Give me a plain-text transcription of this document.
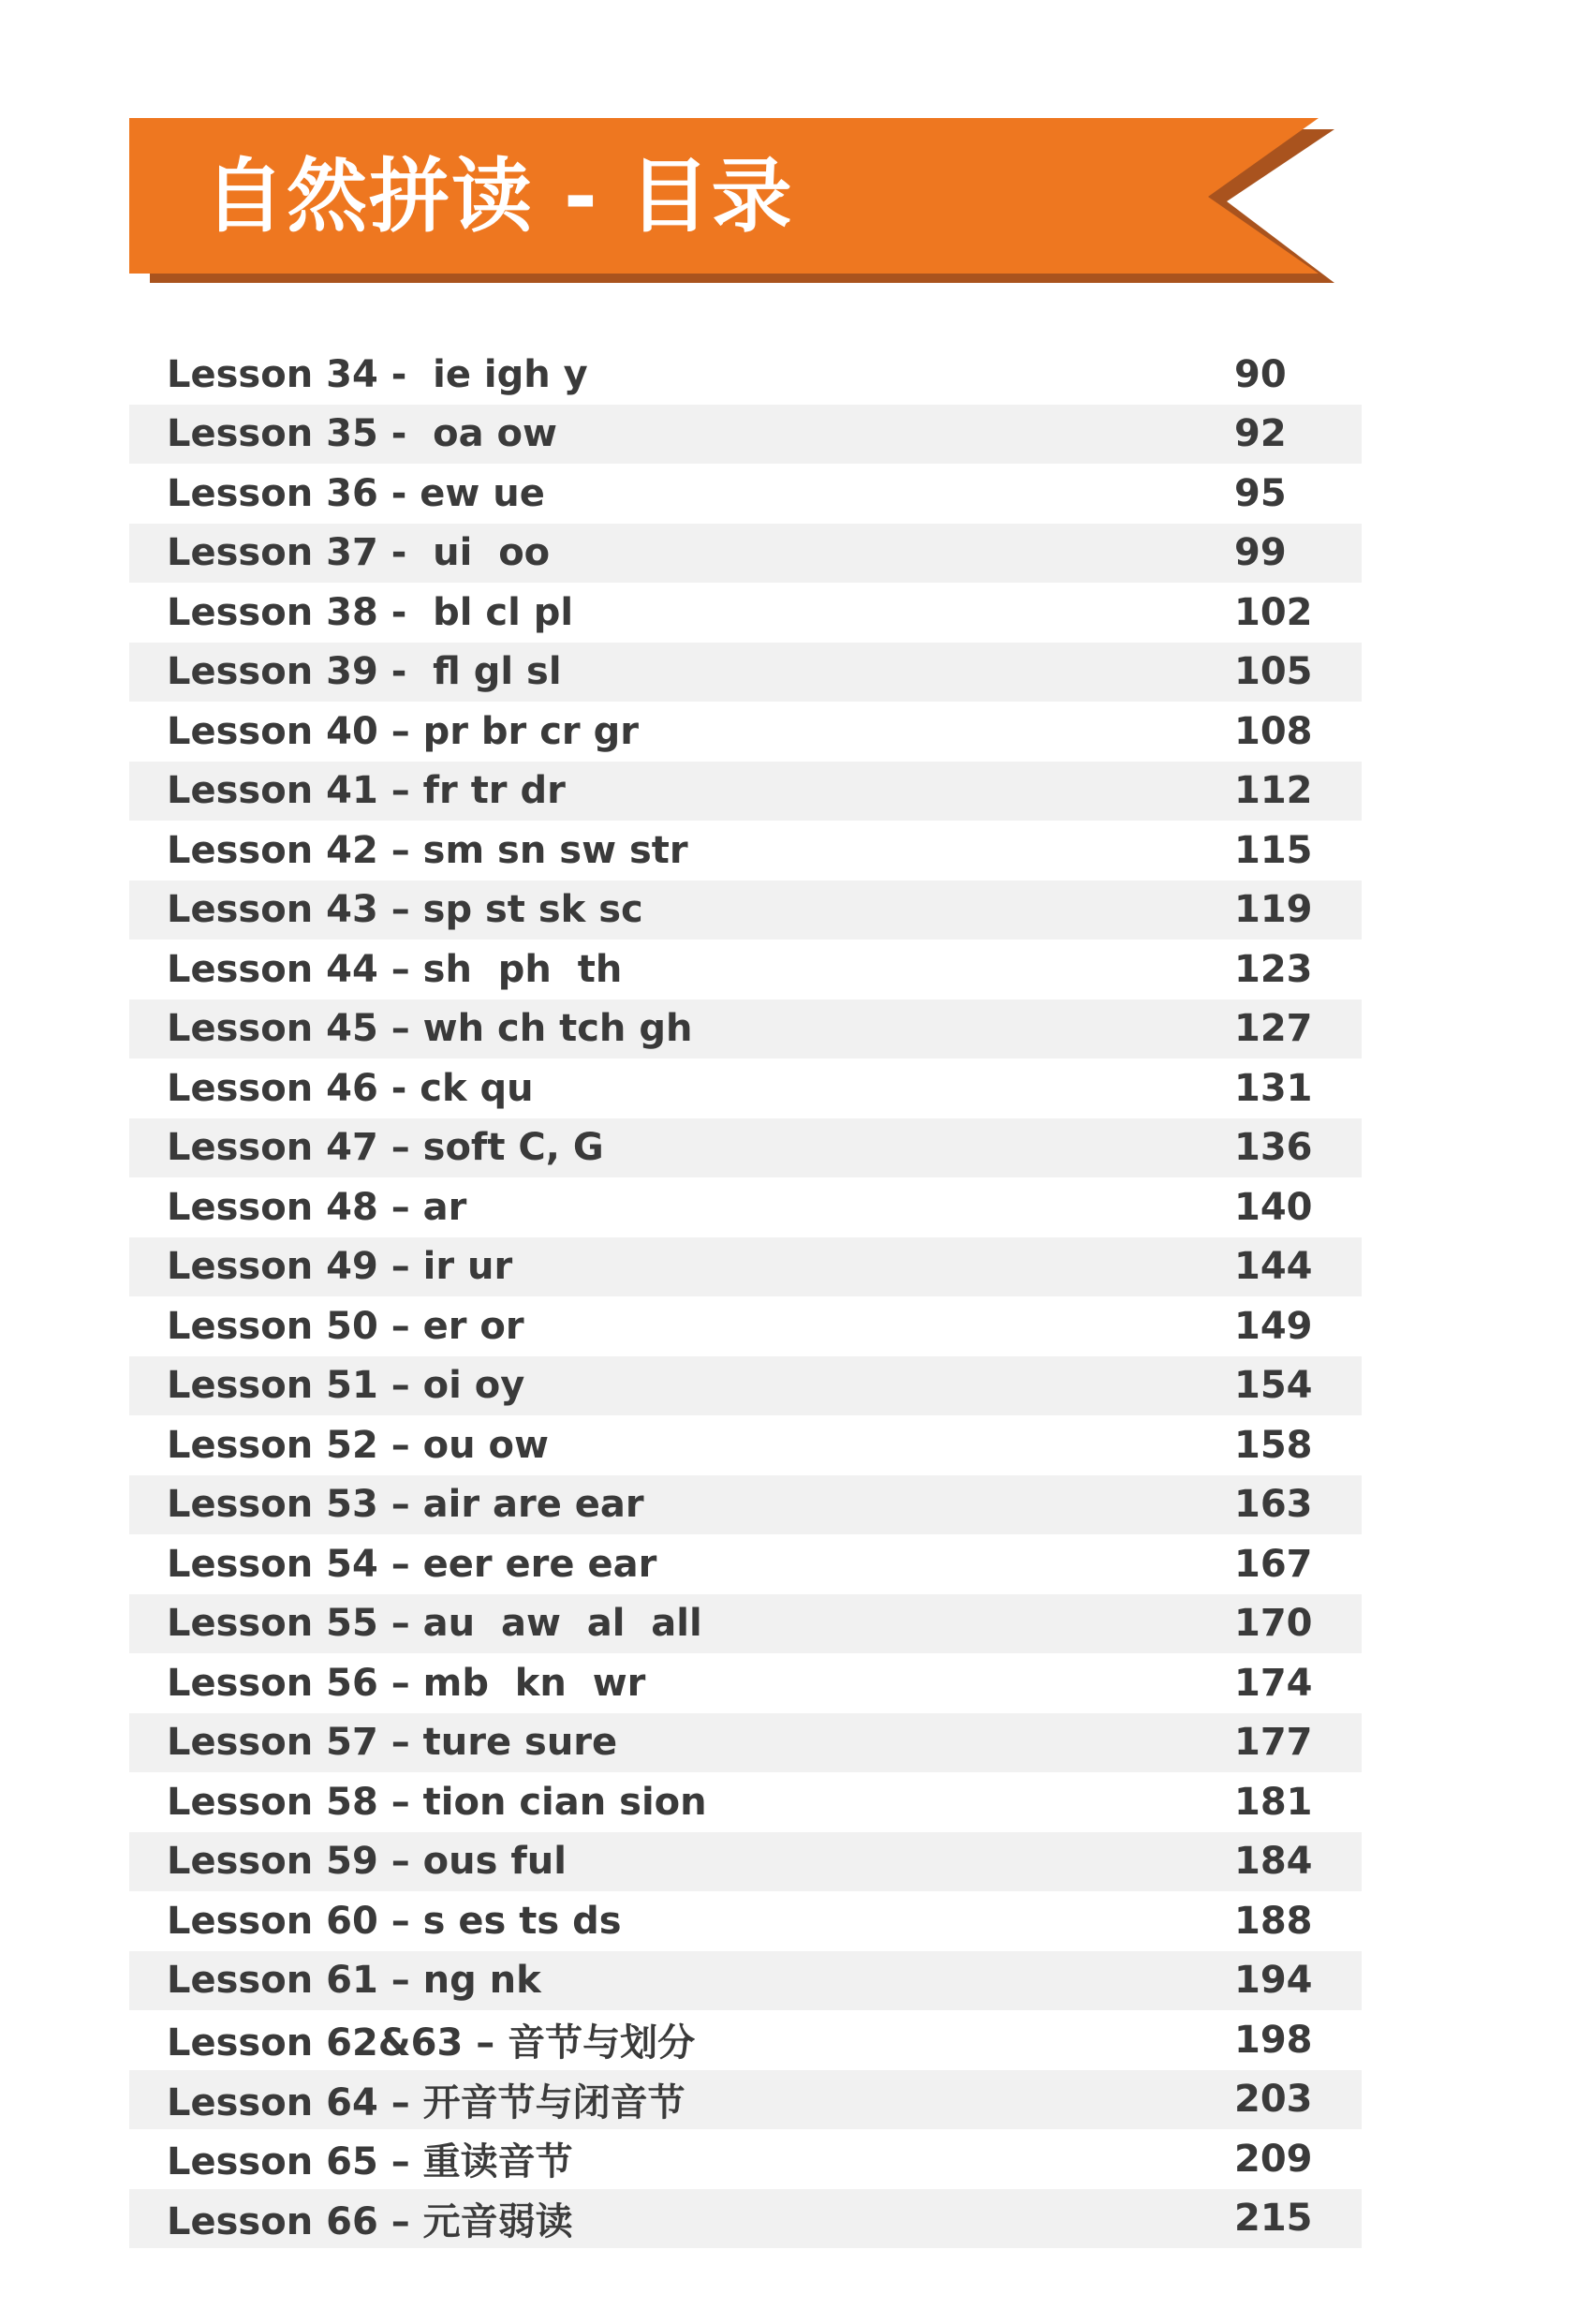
自然拼读 - 目录
Lesson 34 -  ie igh y	90
Lesson 35 -  oa ow	92
Lesson 36 - ew ue	95
Lesson 37 -  ui  oo	99
Lesson 38 -  bl cl pl	102
Lesson 39 -  fl gl sl	105
Lesson 40 – pr br cr gr	108
Lesson 41 – fr tr dr	112
Lesson 42 – sm sn sw str	115
Lesson 43 – sp st sk sc	119
Lesson 44 – sh  ph  th	123
Lesson 45 – wh ch tch gh	127
Lesson 46 - ck qu	131
Lesson 47 – soft C, G	136
Lesson 48 – ar	140
Lesson 49 – ir ur	144
Lesson 50 – er or	149
Lesson 51 – oi oy	154
Lesson 52 – ou ow	158
Lesson 53 – air are ear	163
Lesson 54 – eer ere ear	167
Lesson 55 – au  aw  al  all	170
Lesson 56 – mb  kn  wr	174
Lesson 57 – ture sure	177
Lesson 58 – tion cian sion	181
Lesson 59 – ous ful	184
Lesson 60 – s es ts ds	188
Lesson 61 – ng nk	194
Lesson 62&63 – 音节与划分	198
Lesson 64 – 开音节与闭音节	203
Lesson 65 – 重读音节	209
Lesson 66 – 元音弱读	215
